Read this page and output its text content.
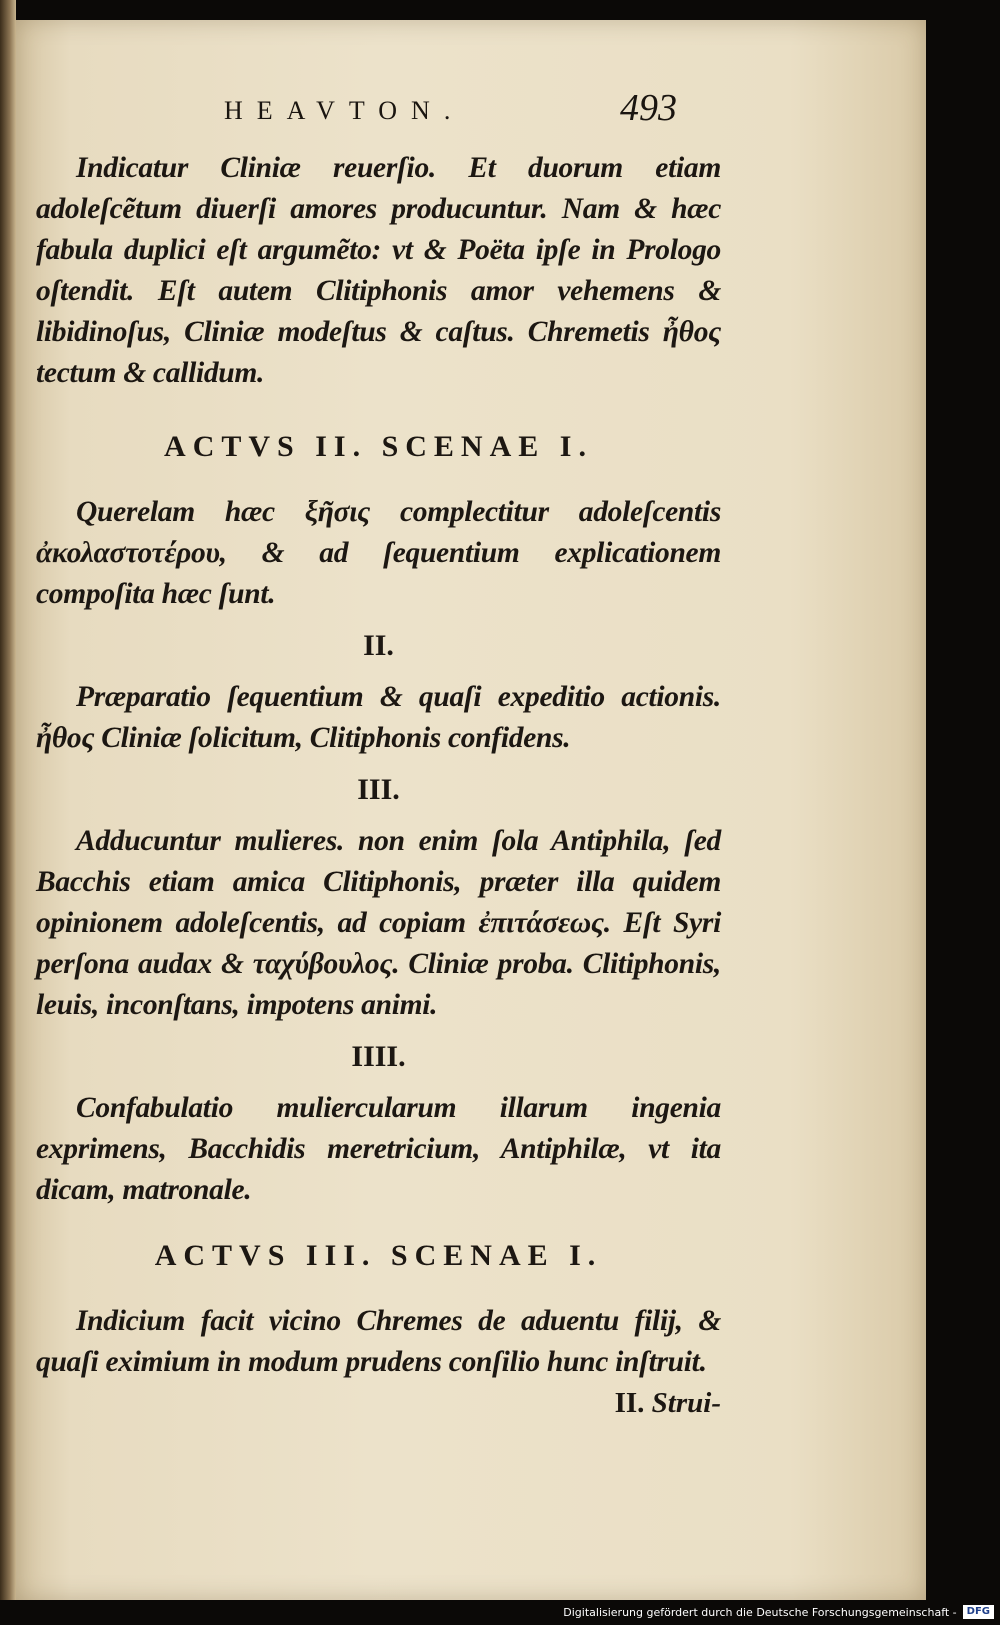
HEAVTON.	493

Indicatur Cliniæ reuerſio. Et duorum etiam adoleſcẽtum diuerſi amores producuntur. Nam & hæc fabula duplici eſt argumẽto: vt & Poëta ipſe in Prologo oſtendit. Eſt autem Clitiphonis amor vehemens & libidinoſus, Cliniæ modeſtus & caſtus. Chremetis ἦθος tectum & callidum.

ACTVS II. SCENAE I.

Querelam hæc ξῆσις complectitur adoleſcentis ἀκολαστοτέρου, & ad ſequentium explicationem compoſita hæc ſunt.

II.

Præparatio ſequentium & quaſi expeditio actionis. ἦθος Cliniæ ſolicitum, Clitiphonis confidens.

III.

Adducuntur mulieres. non enim ſola Antiphila, ſed Bacchis etiam amica Clitiphonis, præter illa quidem opinionem adoleſcentis, ad copiam ἐπιτάσεως. Eſt Syri perſona audax & ταχύβουλος. Cliniæ proba. Clitiphonis, leuis, inconſtans, impotens animi.

IIII.

Confabulatio muliercularum illarum ingenia exprimens, Bacchidis meretricium, Antiphilæ, vt ita dicam, matronale.

ACTVS III. SCENAE I.

Indicium facit vicino Chremes de aduentu filij, & quaſi eximium in modum prudens conſilio hunc inſtruit.

II. Strui-

Digitalisierung gefördert durch die Deutsche Forschungsgemeinschaft -	DFG
